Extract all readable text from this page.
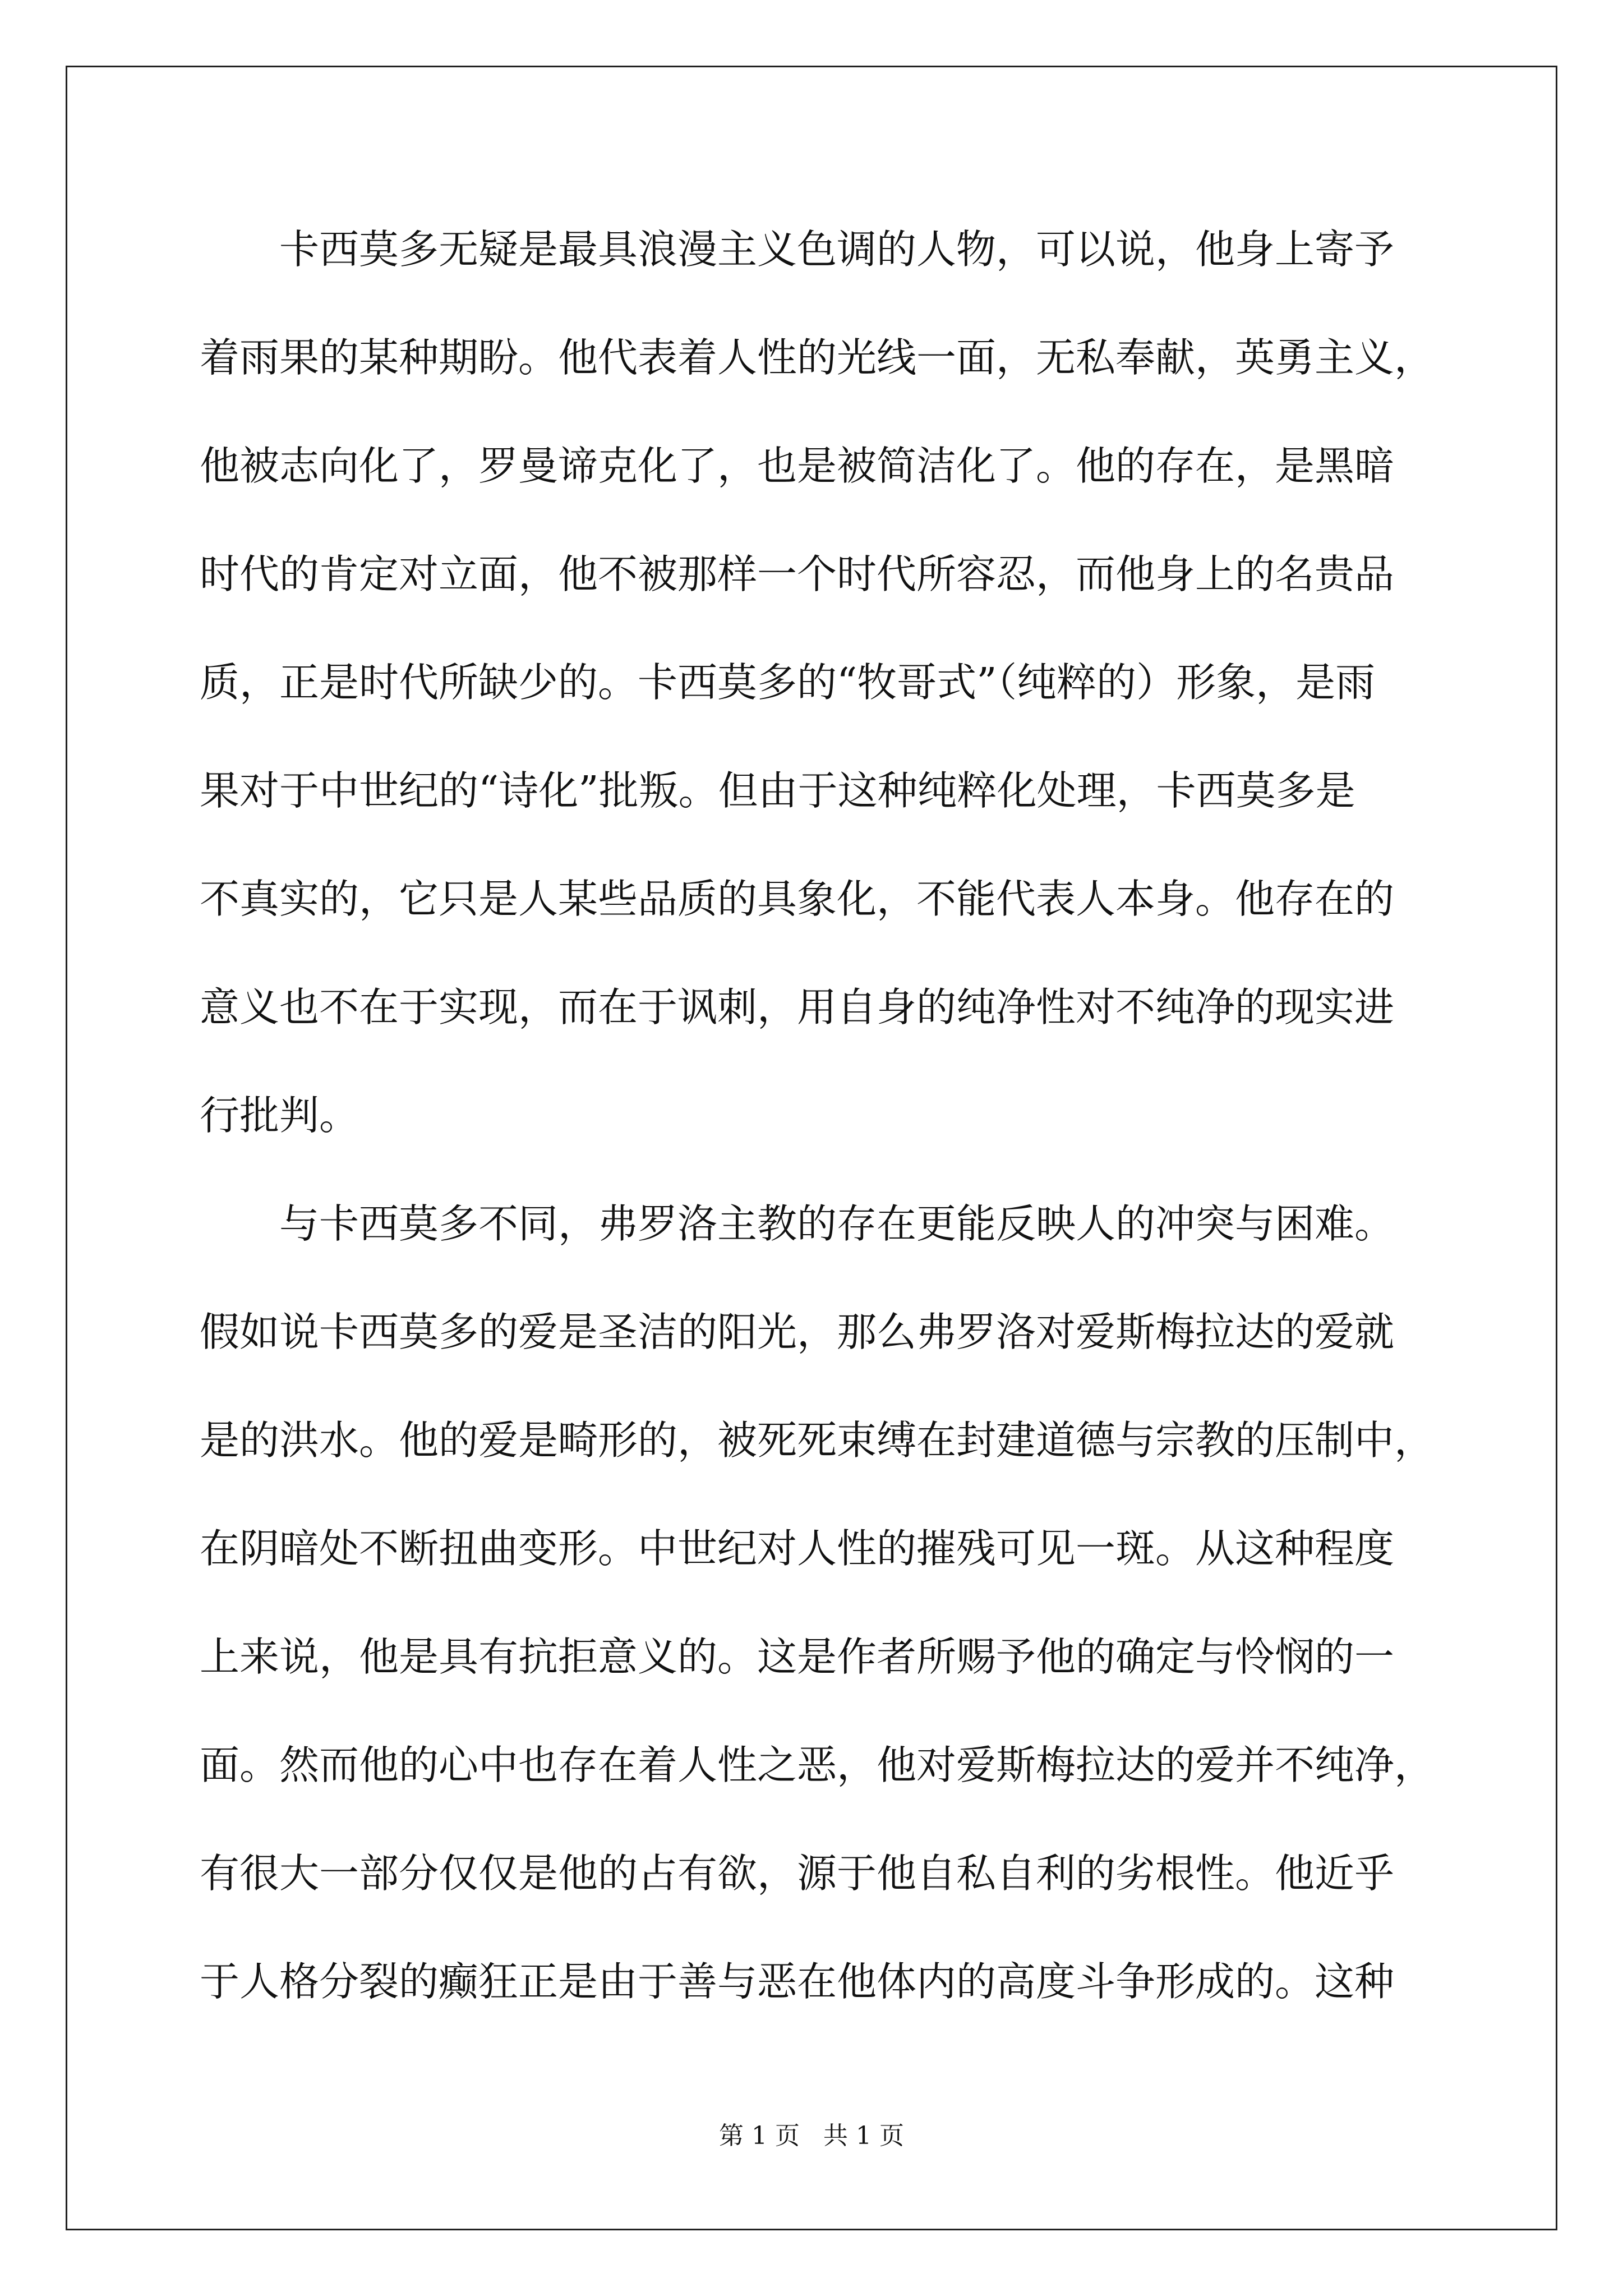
　　卡西莫多无疑是最具浪漫主义色调的人物，可以说，他身上寄予
着雨果的某种期盼。他代表着人性的光线一面，无私奉献，英勇主义，
他被志向化了，罗曼谛克化了，也是被简洁化了。他的存在，是黑暗
时代的肯定对立面，他不被那样一个时代所容忍，而他身上的名贵品
质，正是时代所缺少的。卡西莫多的“牧哥式”（纯粹的）形象，是雨
果对于中世纪的“诗化”批叛。但由于这种纯粹化处理，卡西莫多是
不真实的，它只是人某些品质的具象化，不能代表人本身。他存在的
意义也不在于实现，而在于讽刺，用自身的纯净性对不纯净的现实进
行批判。
　　与卡西莫多不同，弗罗洛主教的存在更能反映人的冲突与困难。
假如说卡西莫多的爱是圣洁的阳光，那么弗罗洛对爱斯梅拉达的爱就
是的洪水。他的爱是畸形的，被死死束缚在封建道德与宗教的压制中，
在阴暗处不断扭曲变形。中世纪对人性的摧残可见一斑。从这种程度
上来说，他是具有抗拒意义的。这是作者所赐予他的确定与怜悯的一
面。然而他的心中也存在着人性之恶，他对爱斯梅拉达的爱并不纯净，
有很大一部分仅仅是他的占有欲，源于他自私自利的劣根性。他近乎
于人格分裂的癫狂正是由于善与恶在他体内的高度斗争形成的。这种
第 1 页   共 1 页
